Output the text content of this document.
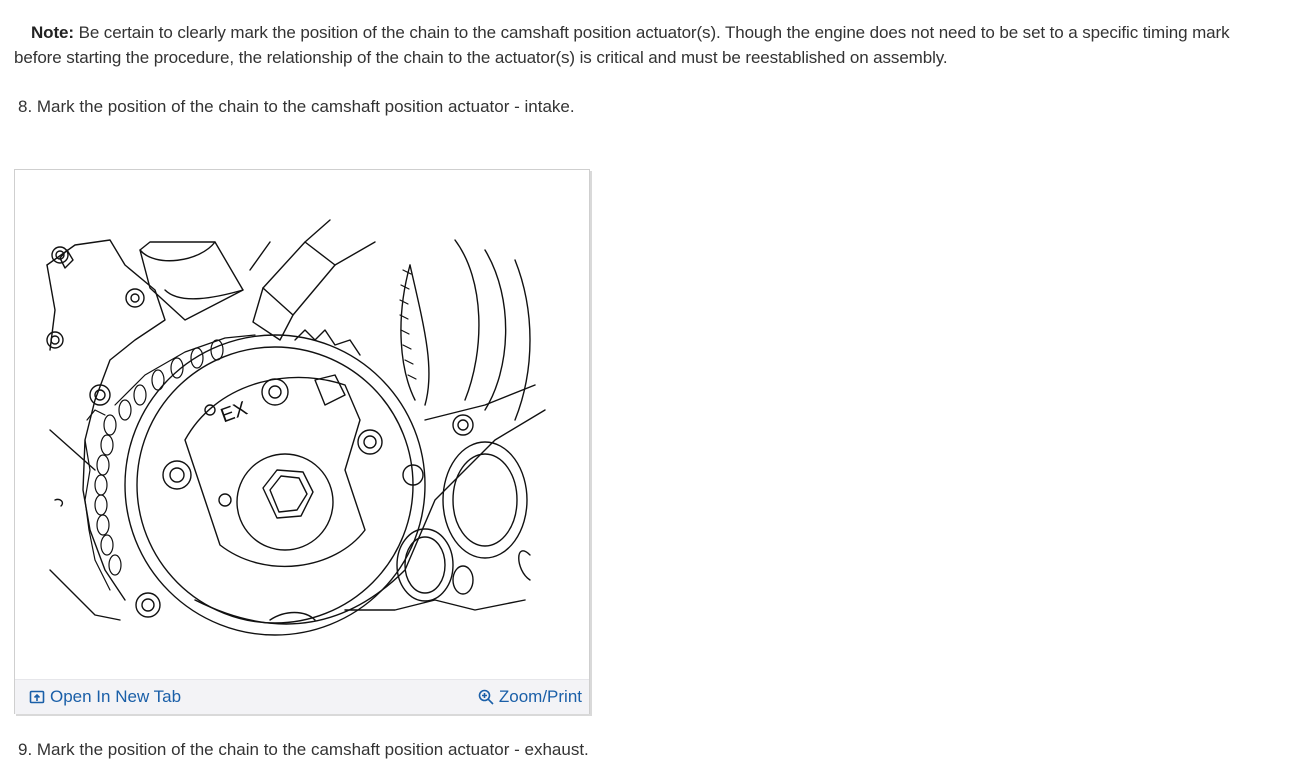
Note: Be certain to clearly mark the position of the chain to the camshaft position actuator(s). Though the engine does not need to be set to a specific timing mark before starting the procedure, the relationship of the chain to the actuator(s) is critical and must be reestablished on assembly.
8. Mark the position of the chain to the camshaft position actuator - intake.
EX
Open In New Tab	Zoom/Print
9. Mark the position of the chain to the camshaft position actuator - exhaust.
